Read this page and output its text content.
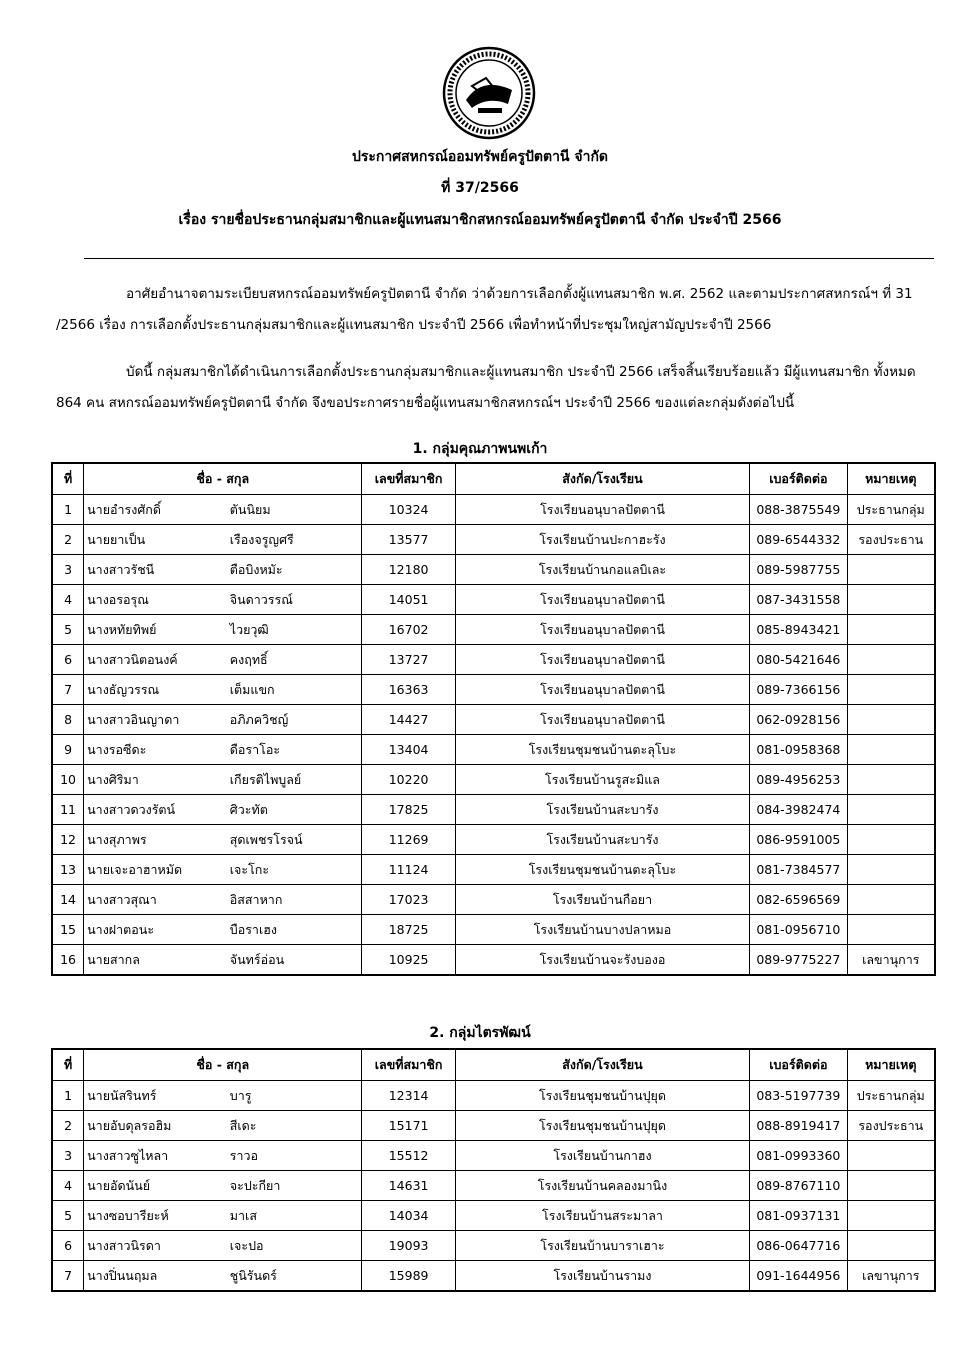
ประกาศสหกรณ์ออมทรัพย์ครูปัตตานี จำกัด
ที่ 37/2566
เรื่อง รายชื่อประธานกลุ่มสมาชิกและผู้แทนสมาชิกสหกรณ์ออมทรัพย์ครูปัตตานี จำกัด ประจำปี 2566
อาศัยอำนาจตามระเบียบสหกรณ์ออมทรัพย์ครูปัตตานี จำกัด ว่าด้วยการเลือกตั้งผู้แทนสมาชิก พ.ศ. 2562 และตามประกาศสหกรณ์ฯ ที่ 31 /2566 เรื่อง การเลือกตั้งประธานกลุ่มสมาชิกและผู้แทนสมาชิก ประจำปี 2566 เพื่อทำหน้าที่ประชุมใหญ่สามัญประจำปี 2566
บัดนี้ กลุ่มสมาชิกได้ดำเนินการเลือกตั้งประธานกลุ่มสมาชิกและผู้แทนสมาชิก ประจำปี 2566 เสร็จสิ้นเรียบร้อยแล้ว มีผู้แทนสมาชิก ทั้งหมด 864 คน สหกรณ์ออมทรัพย์ครูปัตตานี จำกัด จึงขอประกาศรายชื่อผู้แทนสมาชิกสหกรณ์ฯ ประจำปี 2566 ของแต่ละกลุ่มดังต่อไปนี้
1. กลุ่มคุณภาพนพเก้า
ที่	ชื่อ - สกุล		เลขที่สมาชิก	สังกัด/โรงเรียน	เบอร์ติดต่อ	หมายเหตุ
1	นายอำรงศักดิ์	ตันนิยม	10324	โรงเรียนอนุบาลปัตตานี	088-3875549	ประธานกลุ่ม
2	นายยาเป็น	เรืองจรูญศรี	13577	โรงเรียนบ้านปะกาฮะรัง	089-6544332	รองประธาน
3	นางสาวรัชนี	ตือบิงหมัะ	12180	โรงเรียนบ้านกอแลบิเละ	089-5987755	
4	นางอรอรุณ	จินดาวรรณ์	14051	โรงเรียนอนุบาลปัตตานี	087-3431558	
5	นางหทัยทิพย์	ไวยวุฒิ	16702	โรงเรียนอนุบาลปัตตานี	085-8943421	
6	นางสาวนิตอนงค์	คงฤทธิ์	13727	โรงเรียนอนุบาลปัตตานี	080-5421646	
7	นางธัญวรรณ	เต็มแขก	16363	โรงเรียนอนุบาลปัตตานี	089-7366156	
8	นางสาวอินญาดา	อภิภควิชญ์	14427	โรงเรียนอนุบาลปัตตานี	062-0928156	
9	นางรอซีดะ	ดือราโอะ	13404	โรงเรียนชุมชนบ้านตะลุโบะ	081-0958368	
10	นางศิริมา	เกียรติไพบูลย์	10220	โรงเรียนบ้านรูสะมิแล	089-4956253	
11	นางสาวดวงรัตน์	ศิวะทัต	17825	โรงเรียนบ้านสะบารัง	084-3982474	
12	นางสุภาพร	สุดเพชรโรจน์	11269	โรงเรียนบ้านสะบารัง	086-9591005	
13	นายเจะอาฮาหมัด	เจะโกะ	11124	โรงเรียนชุมชนบ้านตะลุโบะ	081-7384577	
14	นางสาวสุณา	อิสสาหาก	17023	โรงเรียนบ้านกือยา	082-6596569	
15	นางฝาตอนะ	บือราเฮง	18725	โรงเรียนบ้านบางปลาหมอ	081-0956710	
16	นายสากล	จันทร์อ่อน	10925	โรงเรียนบ้านจะรังบองอ	089-9775227	เลขานุการ
2. กลุ่มไตรพัฒน์
ที่	ชื่อ - สกุล		เลขที่สมาชิก	สังกัด/โรงเรียน	เบอร์ติดต่อ	หมายเหตุ
1	นายนัสรินทร์	บารู	12314	โรงเรียนชุมชนบ้านปุยุด	083-5197739	ประธานกลุ่ม
2	นายอับดุลรอฮิม	สีเดะ	15171	โรงเรียนชุมชนบ้านปุยุด	088-8919417	รองประธาน
3	นางสาวซูไหลา	ราวอ	15512	โรงเรียนบ้านกาฮง	081-0993360	
4	นายอัดนันย์	จะปะกียา	14631	โรงเรียนบ้านคลองมานิง	089-8767110	
5	นางซอบารียะห์	มาเส	14034	โรงเรียนบ้านสระมาลา	081-0937131	
6	นางสาวนิรดา	เจะปอ	19093	โรงเรียนบ้านบาราเฮาะ	086-0647716	
7	นางปิ่นนฤมล	ชูนิรันดร์	15989	โรงเรียนบ้านรามง	091-1644956	เลขานุการ
